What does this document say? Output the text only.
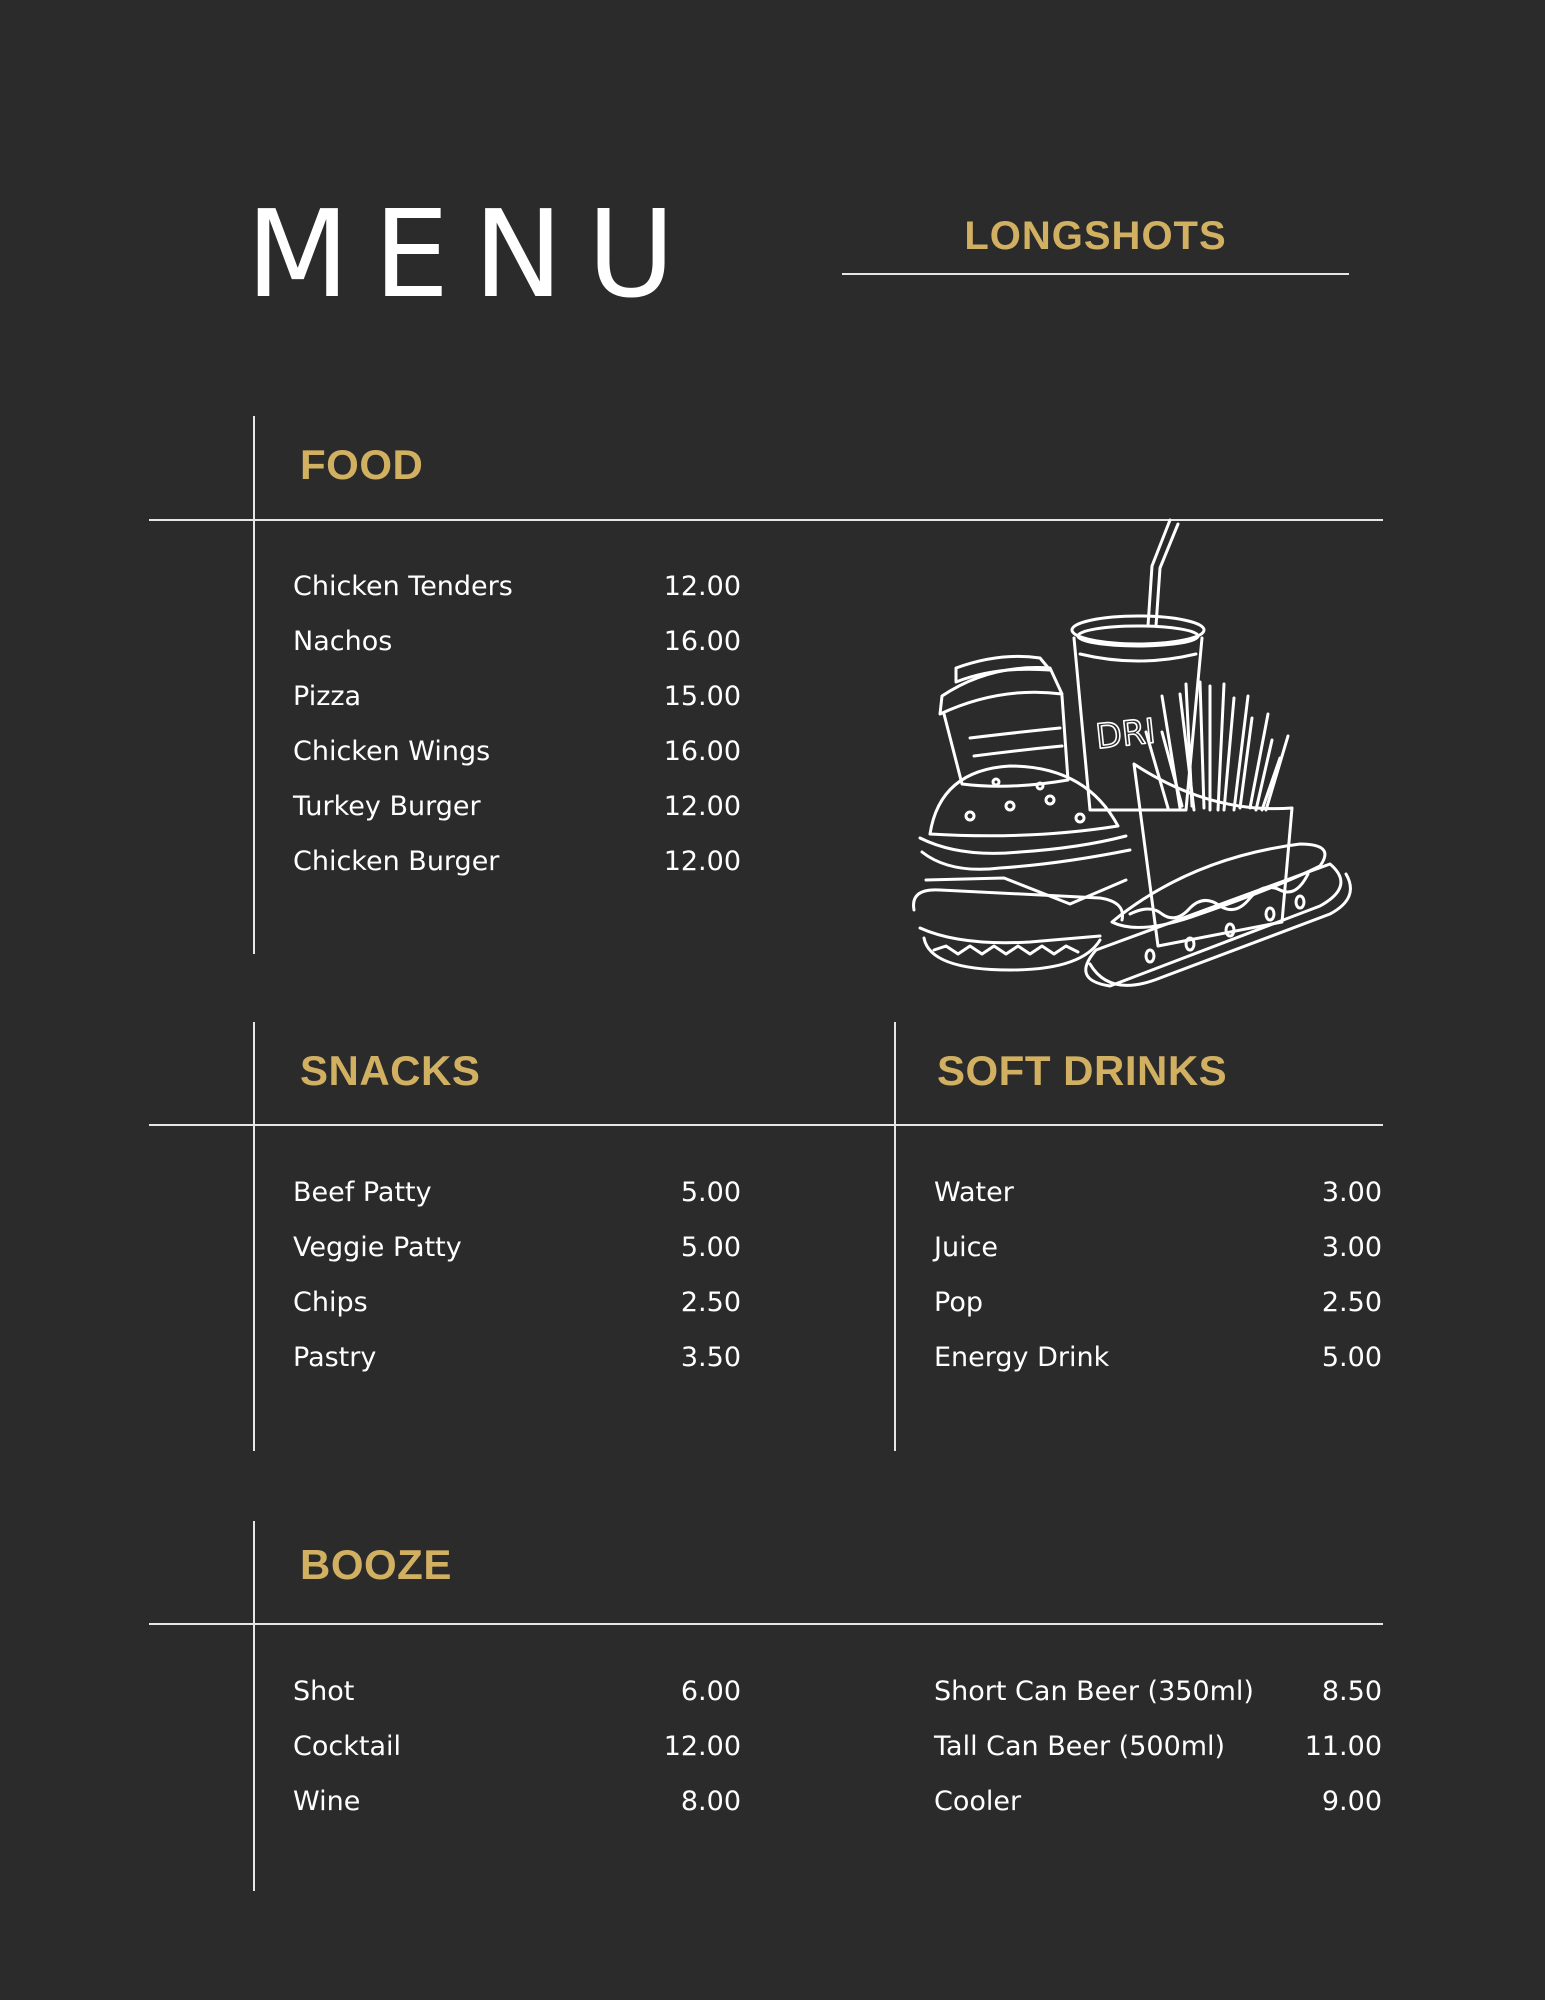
MENU	LONGSHOTS
FOOD
Chicken Tenders	12.00
Nachos	16.00
Pizza	15.00
Chicken Wings	16.00
Turkey Burger	12.00
Chicken Burger	12.00
DRI
SNACKS
Beef Patty	5.00
Veggie Patty	5.00
Chips	2.50
Pastry	3.50
SOFT DRINKS
Water	3.00
Juice	3.00
Pop	2.50
Energy Drink	5.00
BOOZE
Shot	6.00
Cocktail	12.00
Wine	8.00
Short Can Beer (350ml)	8.50
Tall Can Beer (500ml)	11.00
Cooler	9.00
